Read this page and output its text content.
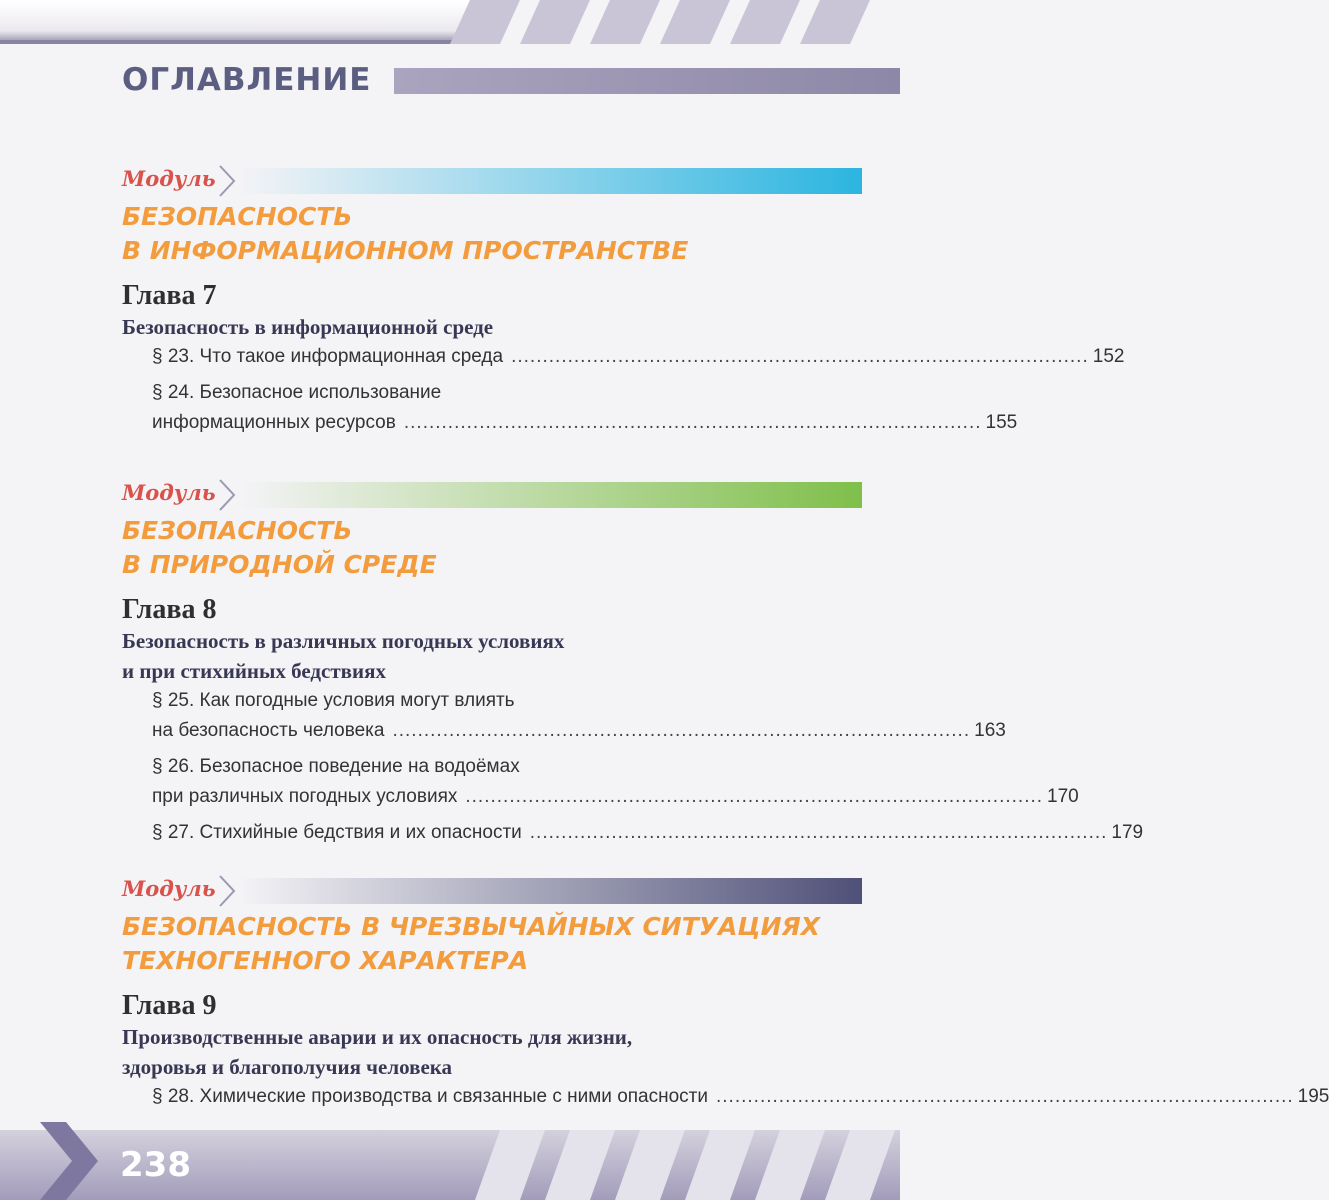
ОГЛАВЛЕНИЕ
Модуль

БЕЗОПАСНОСТЬ
В ИНФОРМАЦИОННОМ ПРОСТРАНСТВЕ

Глава 7

Безопасность в информационной среде

§ 23. Что такое информационная среда ............................................................................................ 152
§ 24. Безопасное использование
информационных ресурсов ............................................................................................ 155
Модуль

БЕЗОПАСНОСТЬ
В ПРИРОДНОЙ СРЕДЕ

Глава 8

Безопасность в различных погодных условиях
и при стихийных бедствиях

§ 25. Как погодные условия могут влиять
на безопасность человека ............................................................................................ 163
§ 26. Безопасное поведение на водоёмах
при различных погодных условиях ............................................................................................ 170
§ 27. Стихийные бедствия и их опасности ............................................................................................ 179
Модуль

БЕЗОПАСНОСТЬ В ЧРЕЗВЫЧАЙНЫХ СИТУАЦИЯХ
ТЕХНОГЕННОГО ХАРАКТЕРА

Глава 9

Производственные аварии и их опасность для жизни,
здоровья и благополучия человека

§ 28. Химические производства и связанные с ними опасности ............................................................................................ 195

238
